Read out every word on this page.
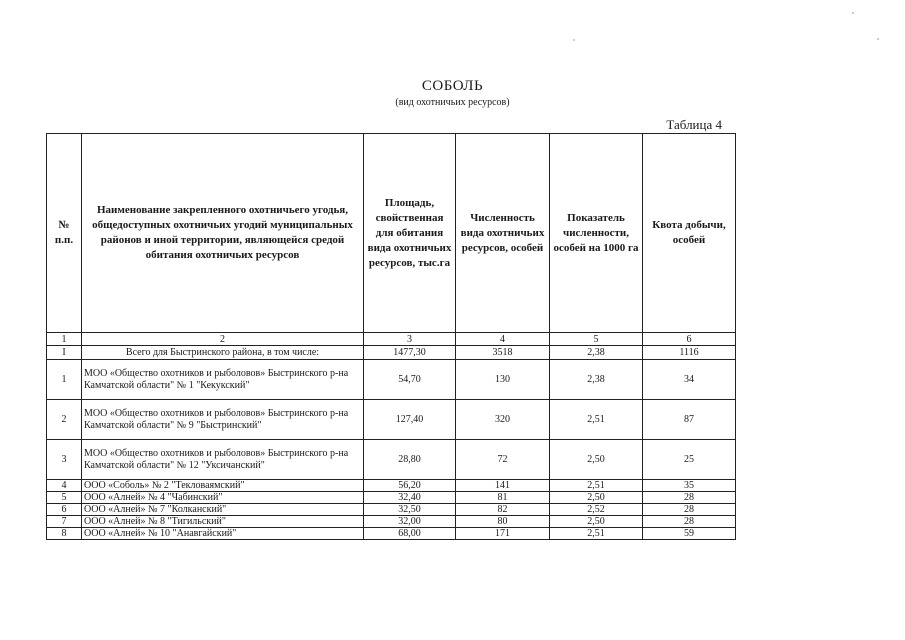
СОБОЛЬ
(вид охотничьих ресурсов)
Таблица 4
№ п.п.	Наименование закрепленного охотничьего угодья, общедоступных охотничьих угодий муниципальных районов и иной территории, являющейся средой обитания охотничьих ресурсов	Площадь, свойственная для обитания вида охотничьих ресурсов, тыс.га	Численность вида охотничьих ресурсов, особей	Показатель численности, особей на 1000 га	Квота добычи, особей
1	2	3	4	5	6
I	Всего для Быстринского района, в том числе:	1477,30	3518	2,38	1116
1	МОО «Общество охотников и рыболовов» Быстринского р-на Камчатской области" № 1 "Кекукский"	54,70	130	2,38	34
2	МОО «Общество охотников и рыболовов» Быстринского р-на Камчатской области" № 9 "Быстринский"	127,40	320	2,51	87
3	МОО «Общество охотников и рыболовов» Быстринского р-на Камчатской области" № 12 "Уксичанский"	28,80	72	2,50	25
4	ООО «Соболь» № 2 "Текловаямский"	56,20	141	2,51	35
5	ООО «Алней» № 4 "Чабинский"	32,40	81	2,50	28
6	ООО «Алней» № 7 "Колканский"	32,50	82	2,52	28
7	ООО «Алней» № 8 "Тигильский"	32,00	80	2,50	28
8	ООО «Алней» № 10 "Анавгайский"	68,00	171	2,51	59
